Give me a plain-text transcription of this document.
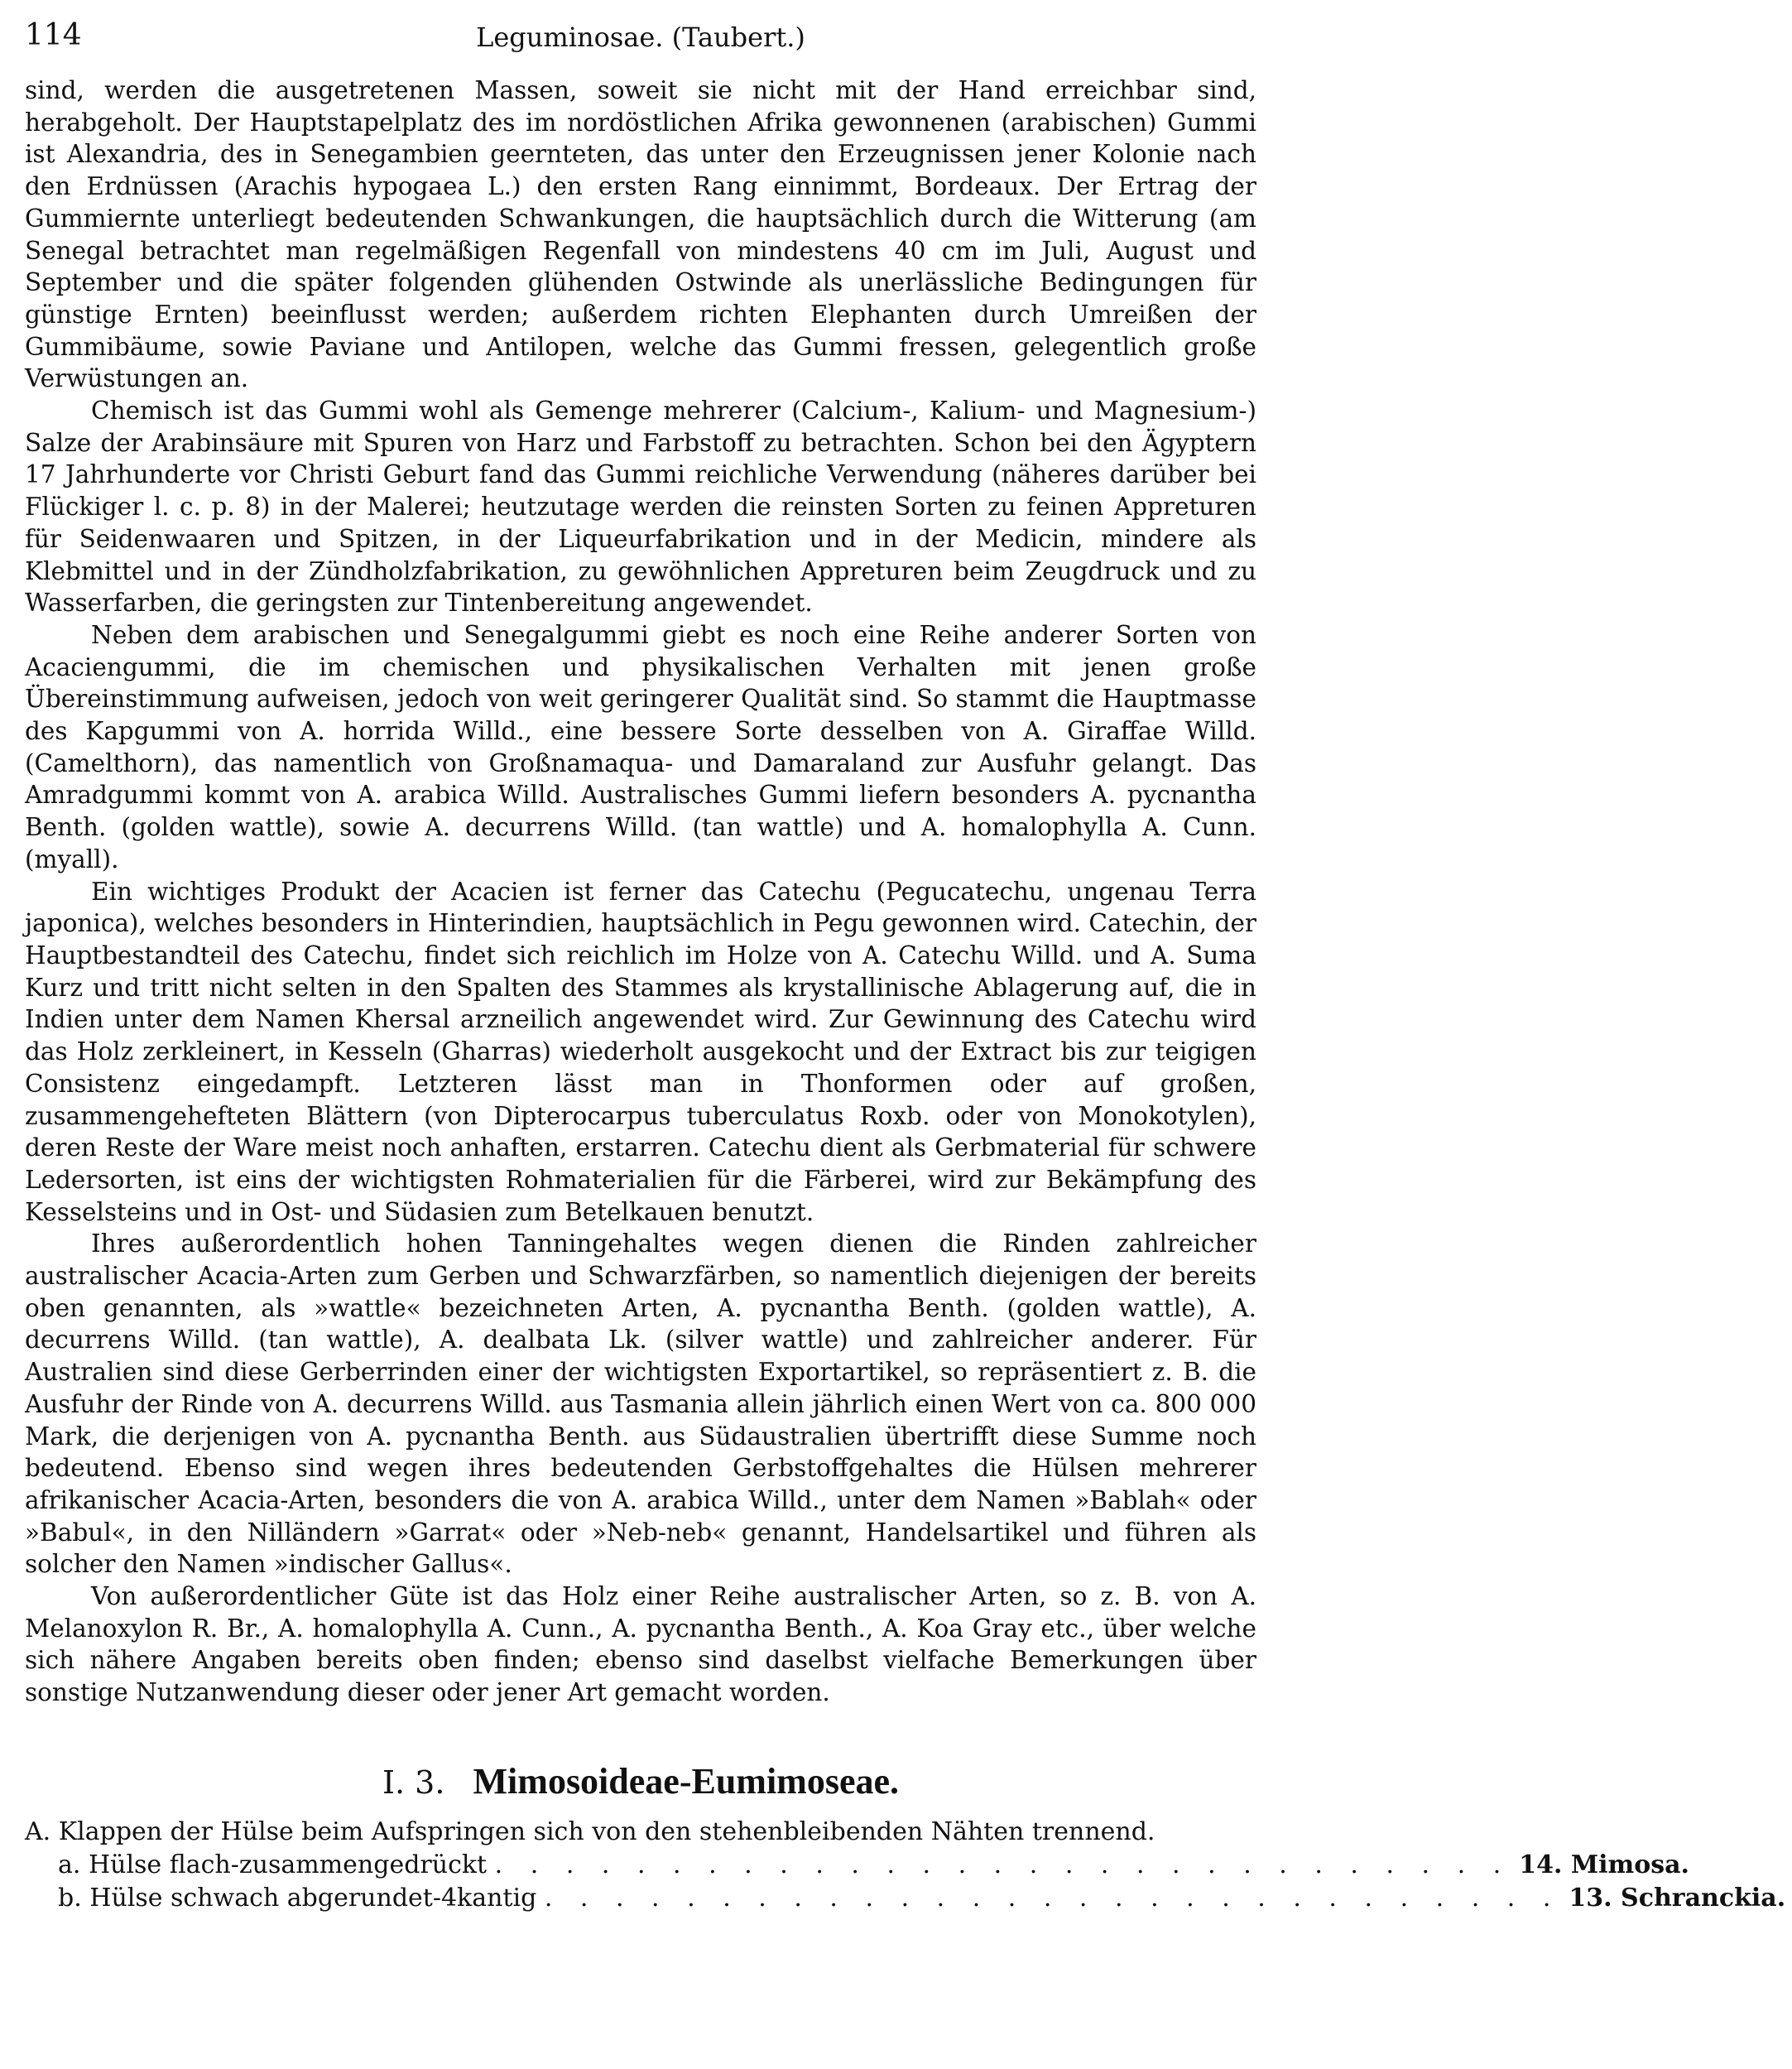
114	Leguminosae. (Taubert.)

sind, werden die ausgetretenen Massen, soweit sie nicht mit der Hand erreichbar sind, herabgeholt. Der Hauptstapelplatz des im nordöstlichen Afrika gewonnenen (arabischen) Gummi ist Alexandria, des in Senegambien geernteten, das unter den Erzeugnissen jener Kolonie nach den Erdnüssen (Arachis hypogaea L.) den ersten Rang einnimmt, Bordeaux. Der Ertrag der Gummiernte unterliegt bedeutenden Schwankungen, die hauptsächlich durch die Witterung (am Senegal betrachtet man regelmäßigen Regenfall von mindestens 40 cm im Juli, August und September und die später folgenden glühenden Ostwinde als unerlässliche Bedingungen für günstige Ernten) beeinflusst werden; außerdem richten Elephanten durch Umreißen der Gummibäume, sowie Paviane und Antilopen, welche das Gummi fressen, gelegentlich große Verwüstungen an.

Chemisch ist das Gummi wohl als Gemenge mehrerer (Calcium-, Kalium- und Magnesium-) Salze der Arabinsäure mit Spuren von Harz und Farbstoff zu betrachten. Schon bei den Ägyptern 17 Jahrhunderte vor Christi Geburt fand das Gummi reichliche Verwendung (näheres darüber bei Flückiger l. c. p. 8) in der Malerei; heutzutage werden die reinsten Sorten zu feinen Appreturen für Seidenwaaren und Spitzen, in der Liqueurfabrikation und in der Medicin, mindere als Klebmittel und in der Zündholzfabrikation, zu gewöhnlichen Appreturen beim Zeugdruck und zu Wasserfarben, die geringsten zur Tintenbereitung angewendet.

Neben dem arabischen und Senegalgummi giebt es noch eine Reihe anderer Sorten von Acaciengummi, die im chemischen und physikalischen Verhalten mit jenen große Übereinstimmung aufweisen, jedoch von weit geringerer Qualität sind. So stammt die Hauptmasse des Kapgummi von A. horrida Willd., eine bessere Sorte desselben von A. Giraffae Willd. (Camelthorn), das namentlich von Großnamaqua- und Damaraland zur Ausfuhr gelangt. Das Amradgummi kommt von A. arabica Willd. Australisches Gummi liefern besonders A. pycnantha Benth. (golden wattle), sowie A. decurrens Willd. (tan wattle) und A. homalophylla A. Cunn. (myall).

Ein wichtiges Produkt der Acacien ist ferner das Catechu (Pegucatechu, ungenau Terra japonica), welches besonders in Hinterindien, hauptsächlich in Pegu gewonnen wird. Catechin, der Hauptbestandteil des Catechu, findet sich reichlich im Holze von A. Catechu Willd. und A. Suma Kurz und tritt nicht selten in den Spalten des Stammes als krystallinische Ablagerung auf, die in Indien unter dem Namen Khersal arzneilich angewendet wird. Zur Gewinnung des Catechu wird das Holz zerkleinert, in Kesseln (Gharras) wiederholt ausgekocht und der Extract bis zur teigigen Consistenz eingedampft. Letzteren lässt man in Thonformen oder auf großen, zusammengehefteten Blättern (von Dipterocarpus tuberculatus Roxb. oder von Monokotylen), deren Reste der Ware meist noch anhaften, erstarren. Catechu dient als Gerbmaterial für schwere Ledersorten, ist eins der wichtigsten Rohmaterialien für die Färberei, wird zur Bekämpfung des Kesselsteins und in Ost- und Südasien zum Betelkauen benutzt.

Ihres außerordentlich hohen Tanningehaltes wegen dienen die Rinden zahlreicher australischer Acacia-Arten zum Gerben und Schwarzfärben, so namentlich diejenigen der bereits oben genannten, als »wattle« bezeichneten Arten, A. pycnantha Benth. (golden wattle), A. decurrens Willd. (tan wattle), A. dealbata Lk. (silver wattle) und zahlreicher anderer. Für Australien sind diese Gerberrinden einer der wichtigsten Exportartikel, so repräsentiert z. B. die Ausfuhr der Rinde von A. decurrens Willd. aus Tasmania allein jährlich einen Wert von ca. 800 000 Mark, die derjenigen von A. pycnantha Benth. aus Südaustralien übertrifft diese Summe noch bedeutend. Ebenso sind wegen ihres bedeutenden Gerbstoffgehaltes die Hülsen mehrerer afrikanischer Acacia-Arten, besonders die von A. arabica Willd., unter dem Namen »Bablah« oder »Babul«, in den Nilländern »Garrat« oder »Neb-neb« genannt, Handelsartikel und führen als solcher den Namen »indischer Gallus«.

Von außerordentlicher Güte ist das Holz einer Reihe australischer Arten, so z. B. von A. Melanoxylon R. Br., A. homalophylla A. Cunn., A. pycnantha Benth., A. Koa Gray etc., über welche sich nähere Angaben bereits oben finden; ebenso sind daselbst vielfache Bemerkungen über sonstige Nutzanwendung dieser oder jener Art gemacht worden.

I. 3. Mimosoideae-Eumimoseae.
A. Klappen der Hülse beim Aufspringen sich von den stehenbleibenden Nähten trennend.
a. Hülse flach-zusammengedrückt . . . . . . . . . . . . . . . . . . . . . . . . . . . . . 14. Mimosa.
b. Hülse schwach abgerundet-4kantig . . . . . . . . . . . . . . . . . . . . . . . . . . . . . 13. Schranckia.
